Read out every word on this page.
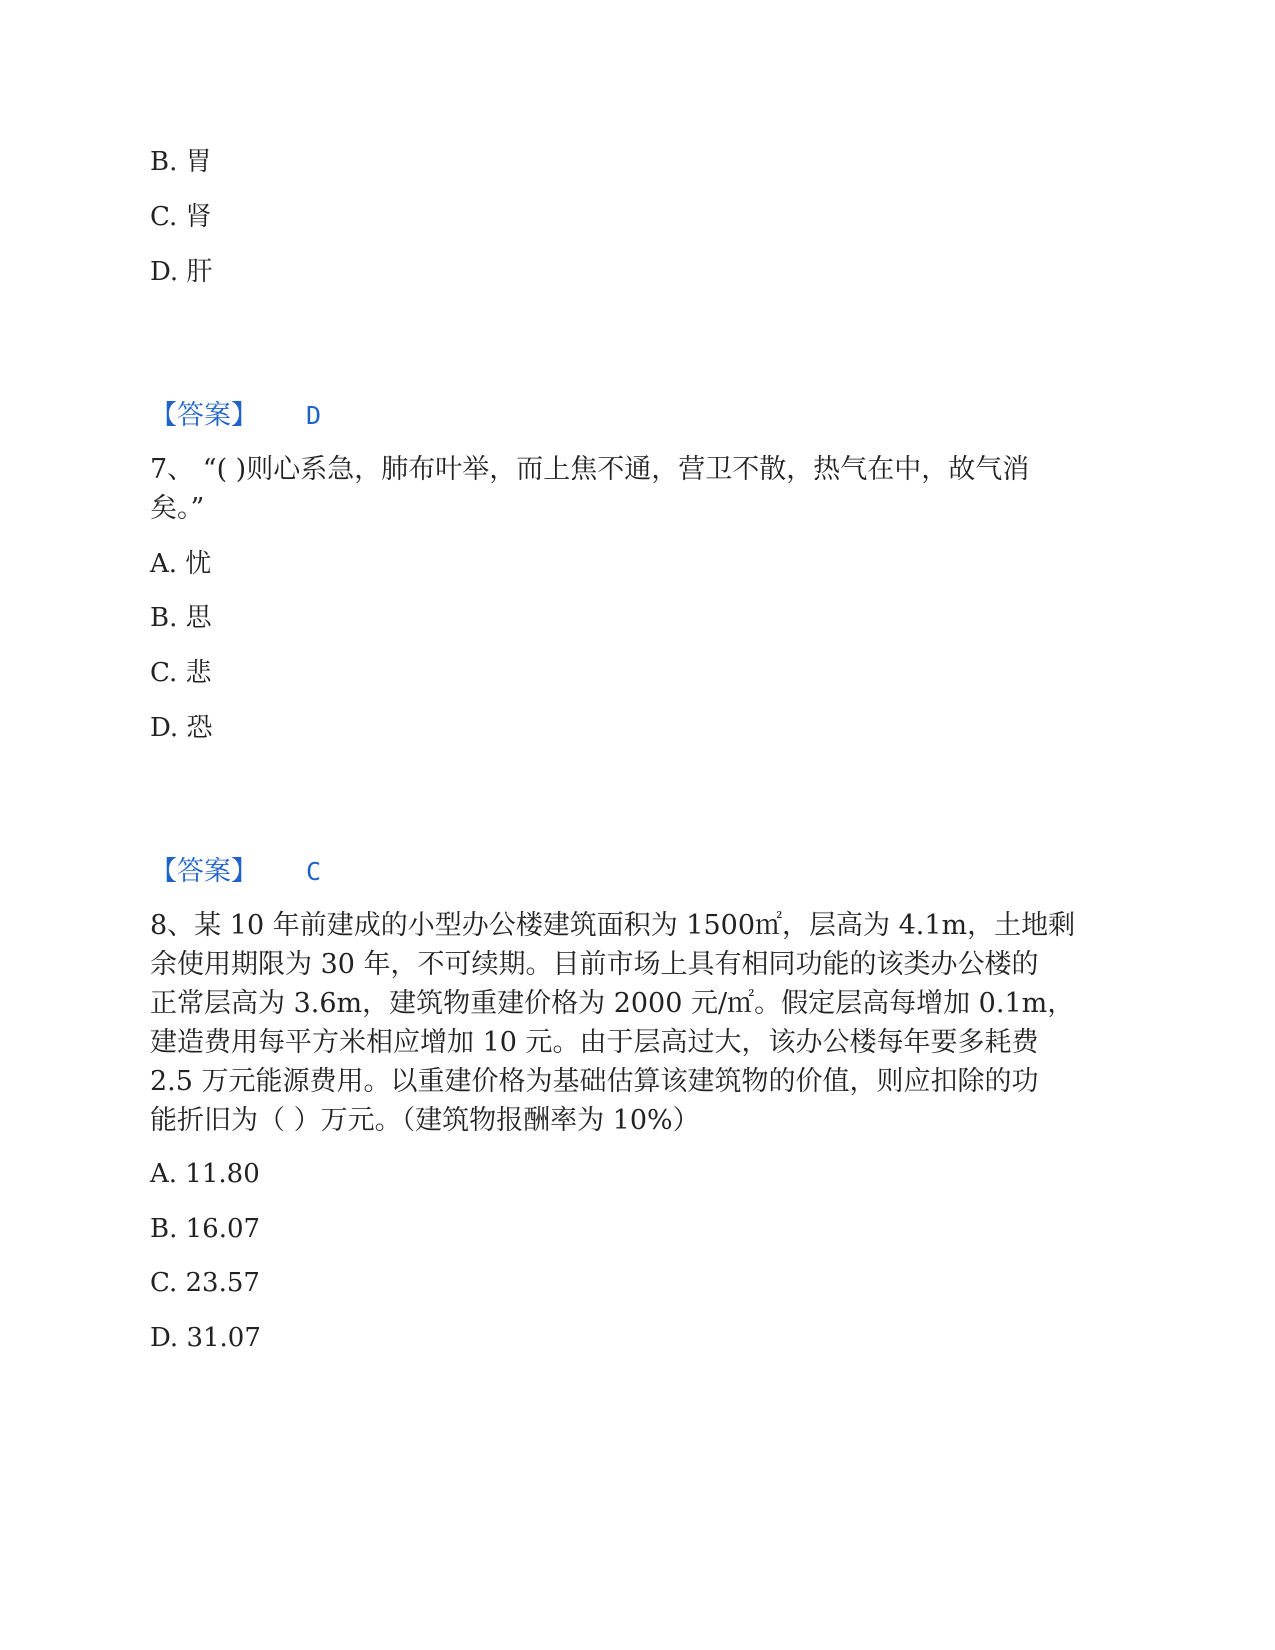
B. 胃
C. 肾
D. 肝
【答案】 D
7、 “( )则心系急，肺布叶举，而上焦不通，营卫不散，热气在中，故气消
矣。”
A. 忧
B. 思
C. 悲
D. 恐
【答案】 C
8、某 10 年前建成的小型办公楼建筑面积为 1500㎡，层高为 4.1m，土地剩
余使用期限为 30 年，不可续期。目前市场上具有相同功能的该类办公楼的
正常层高为 3.6m，建筑物重建价格为 2000 元/㎡。假定层高每增加 0.1m，
建造费用每平方米相应增加 10 元。由于层高过大，该办公楼每年要多耗费
2.5 万元能源费用。以重建价格为基础估算该建筑物的价值，则应扣除的功
能折旧为（ ）万元。（建筑物报酬率为 10%）
A. 11.80
B. 16.07
C. 23.57
D. 31.07
